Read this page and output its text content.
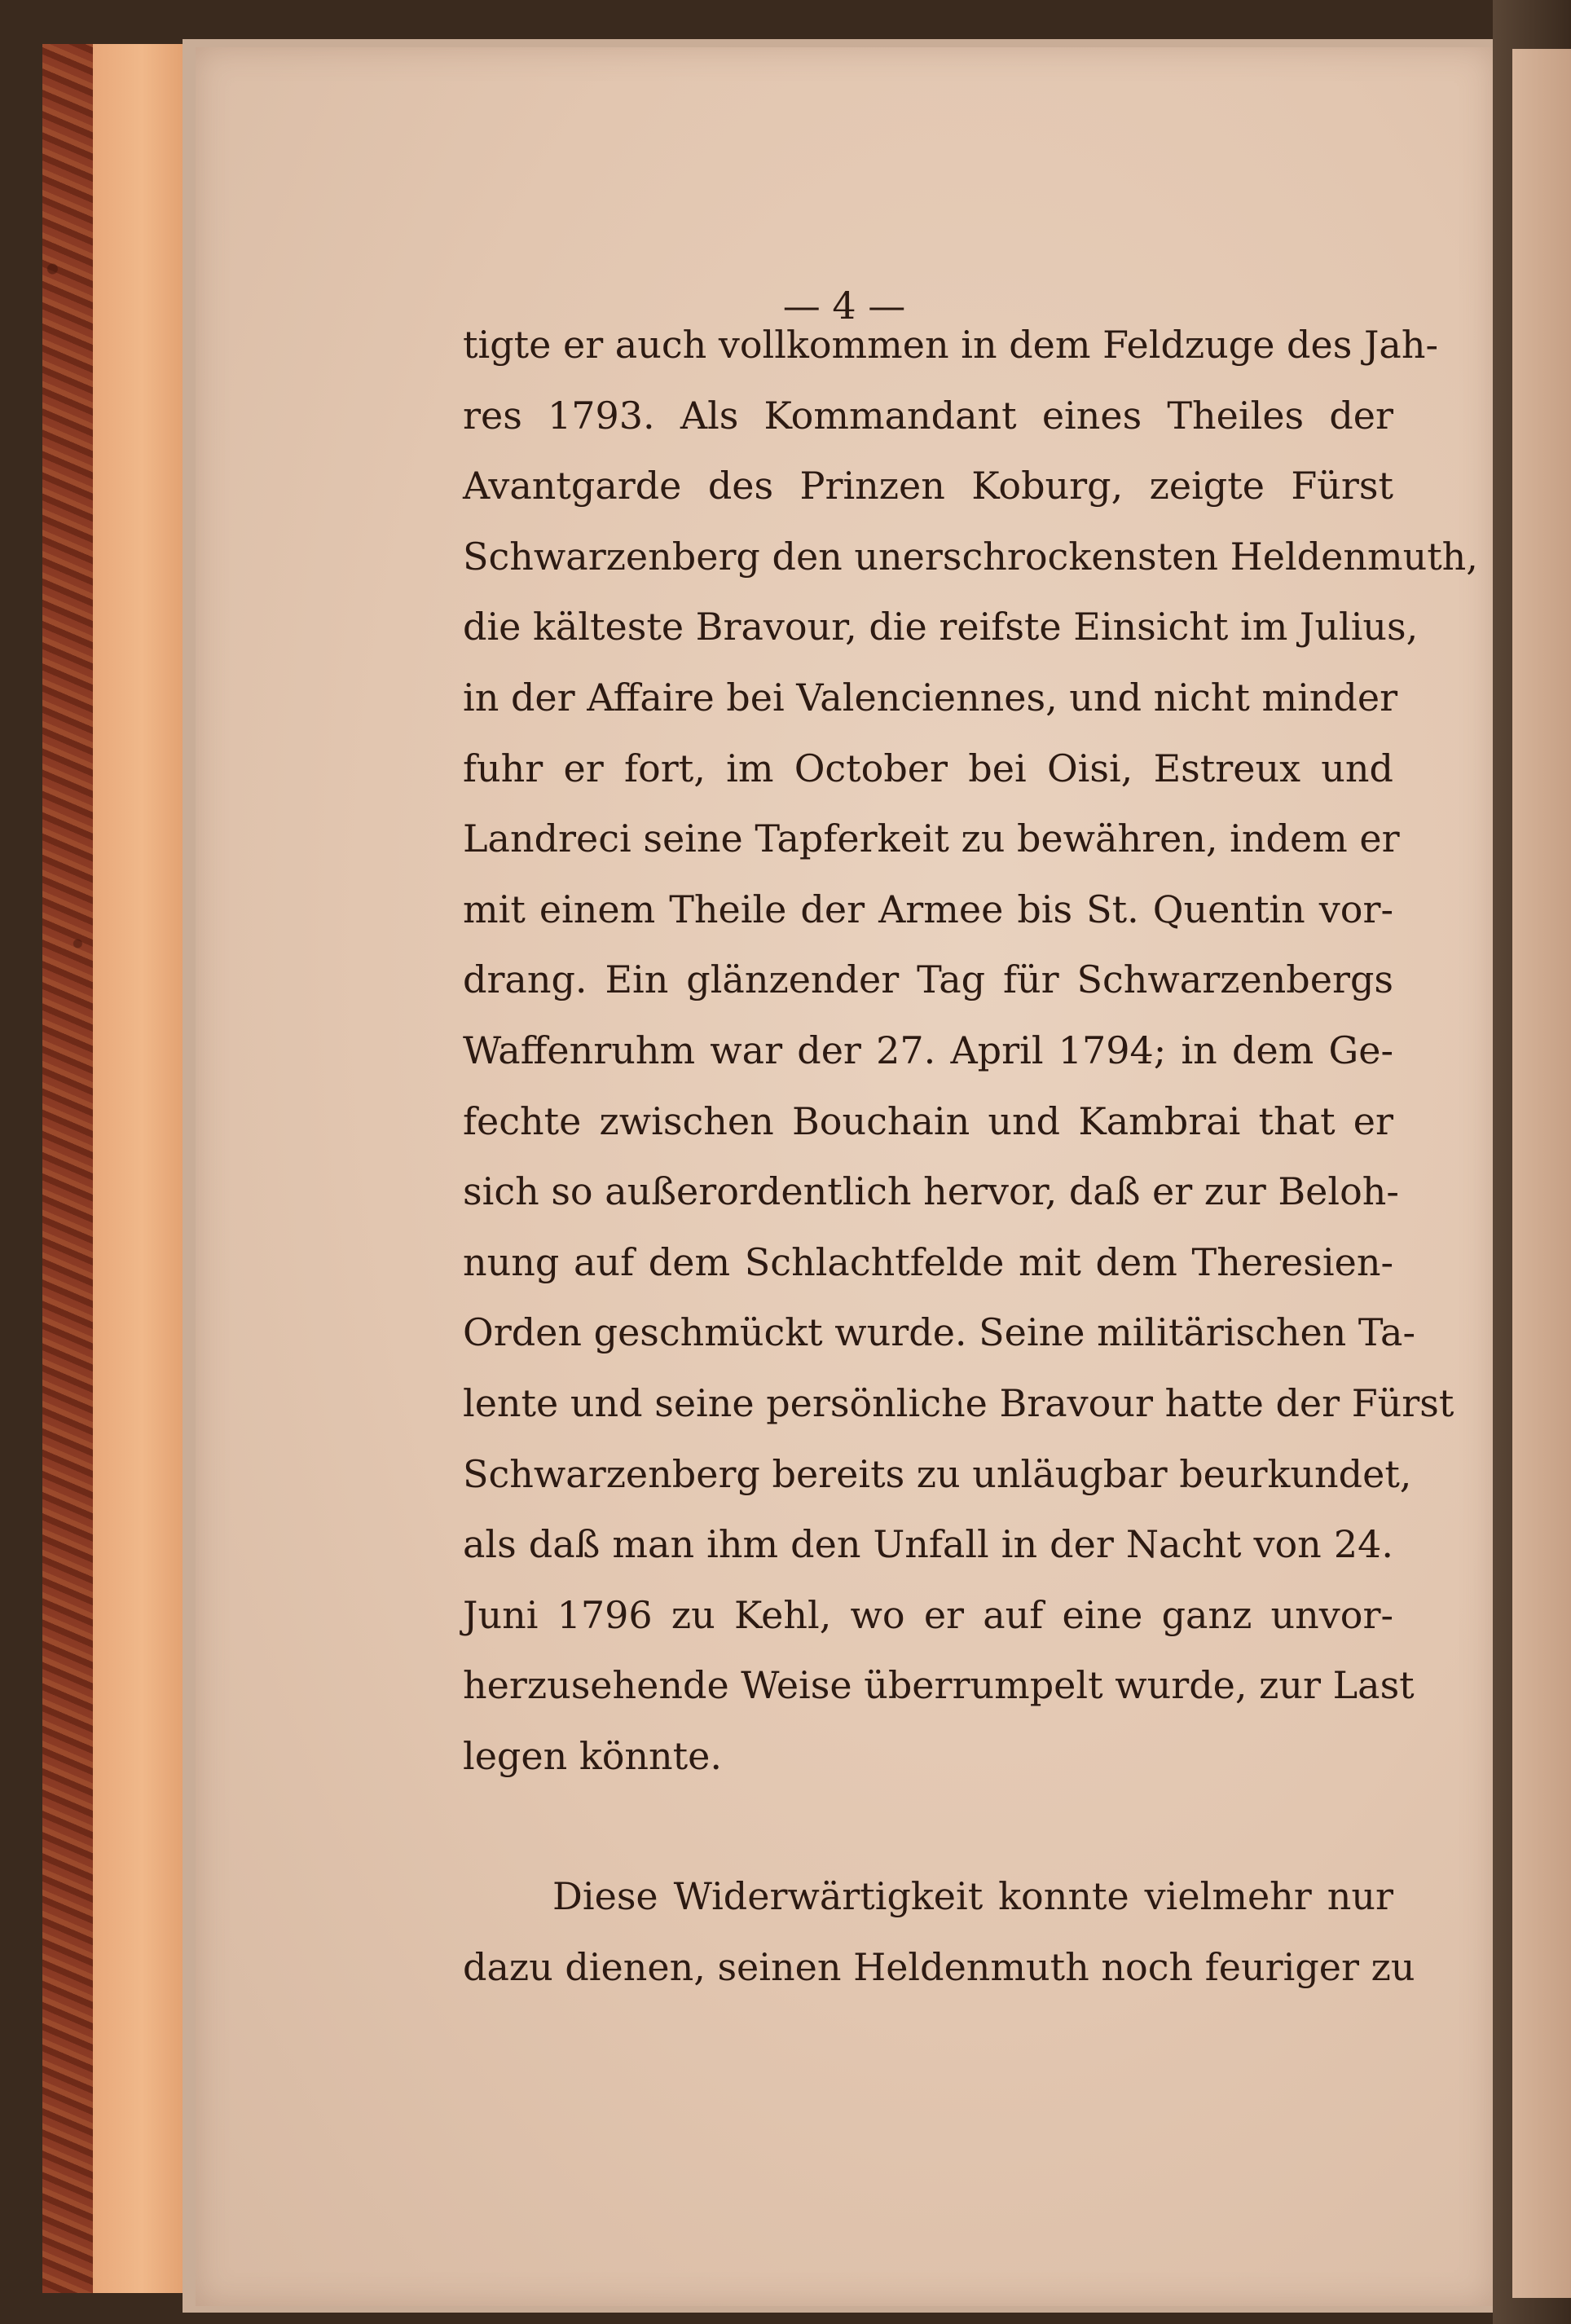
— 4 —
tigte er auch vollkommen in dem Feldzuge des Jah-
res 1793. Als Kommandant eines Theiles der
Avantgarde des Prinzen Koburg, zeigte Fürst
Schwarzenberg den unerschrockensten Heldenmuth,
die kälteste Bravour, die reifste Einsicht im Julius,
in der Affaire bei Valenciennes, und nicht minder
fuhr er fort, im October bei Oisi, Estreux und
Landreci seine Tapferkeit zu bewähren, indem er
mit einem Theile der Armee bis St. Quentin vor-
drang. Ein glänzender Tag für Schwarzenbergs
Waffenruhm war der 27. April 1794; in dem Ge-
fechte zwischen Bouchain und Kambrai that er
sich so außerordentlich hervor, daß er zur Beloh-
nung auf dem Schlachtfelde mit dem Theresien-
Orden geschmückt wurde. Seine militärischen Ta-
lente und seine persönliche Bravour hatte der Fürst
Schwarzenberg bereits zu unläugbar beurkundet,
als daß man ihm den Unfall in der Nacht von 24.
Juni 1796 zu Kehl, wo er auf eine ganz unvor-
herzusehende Weise überrumpelt wurde, zur Last
legen könnte.
Diese Widerwärtigkeit konnte vielmehr nur
dazu dienen, seinen Heldenmuth noch feuriger zu
